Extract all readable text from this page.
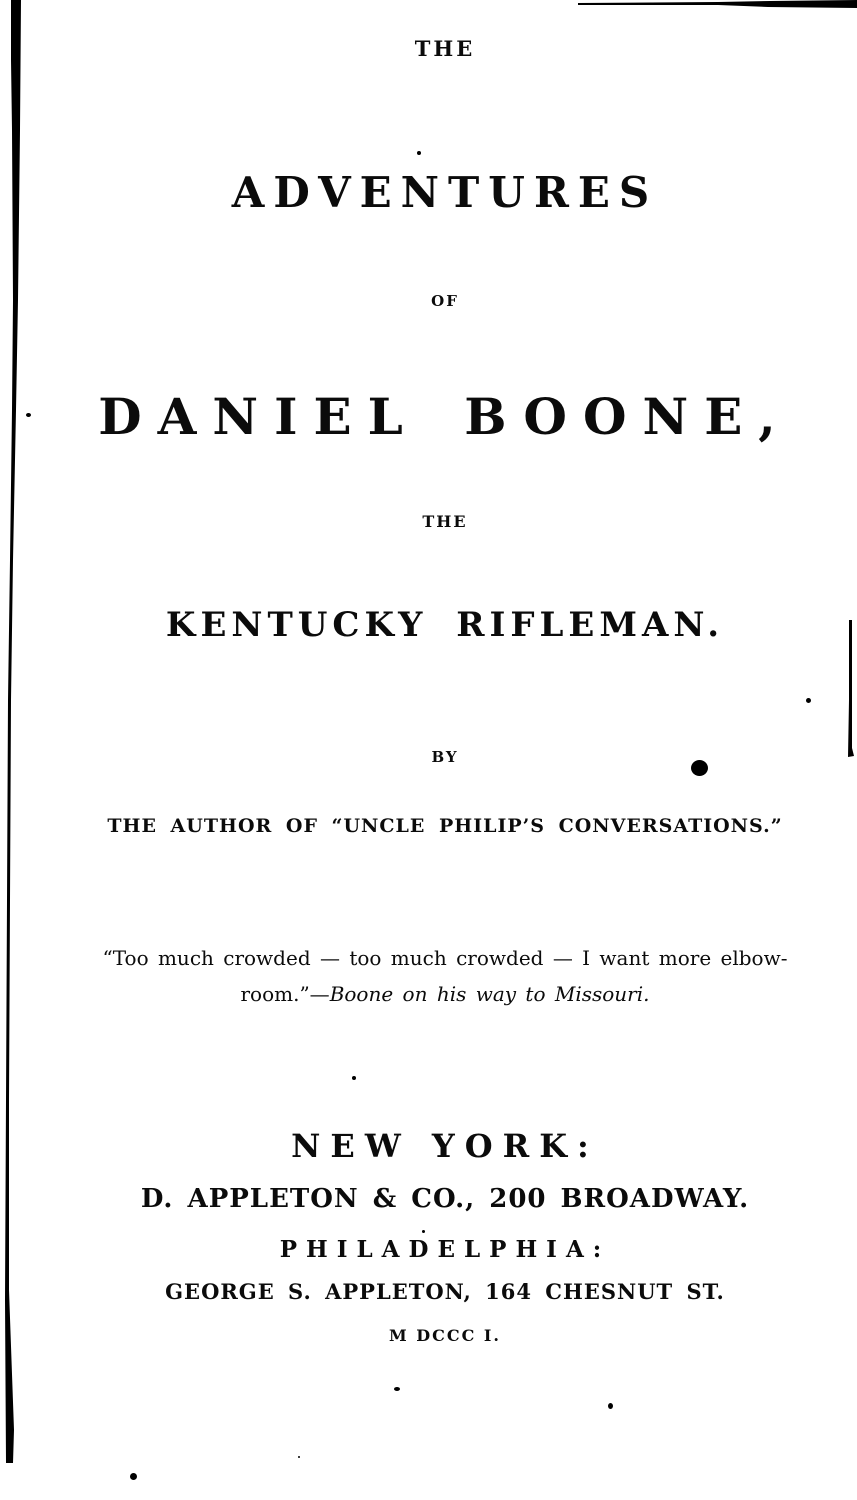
THE
ADVENTURES
OF
DANIEL BOONE,
THE
KENTUCKY RIFLEMAN.
BY
THE AUTHOR OF “UNCLE PHILIP’S CONVERSATIONS.”
“Too much crowded — too much crowded — I want more elbow-
room.”—Boone on his way to Missouri.
NEW YORK:
D. APPLETON & CO., 200 BROADWAY.
PHILADELPHIA:
GEORGE S. APPLETON, 164 CHESNUT ST.
M DCCC I.
